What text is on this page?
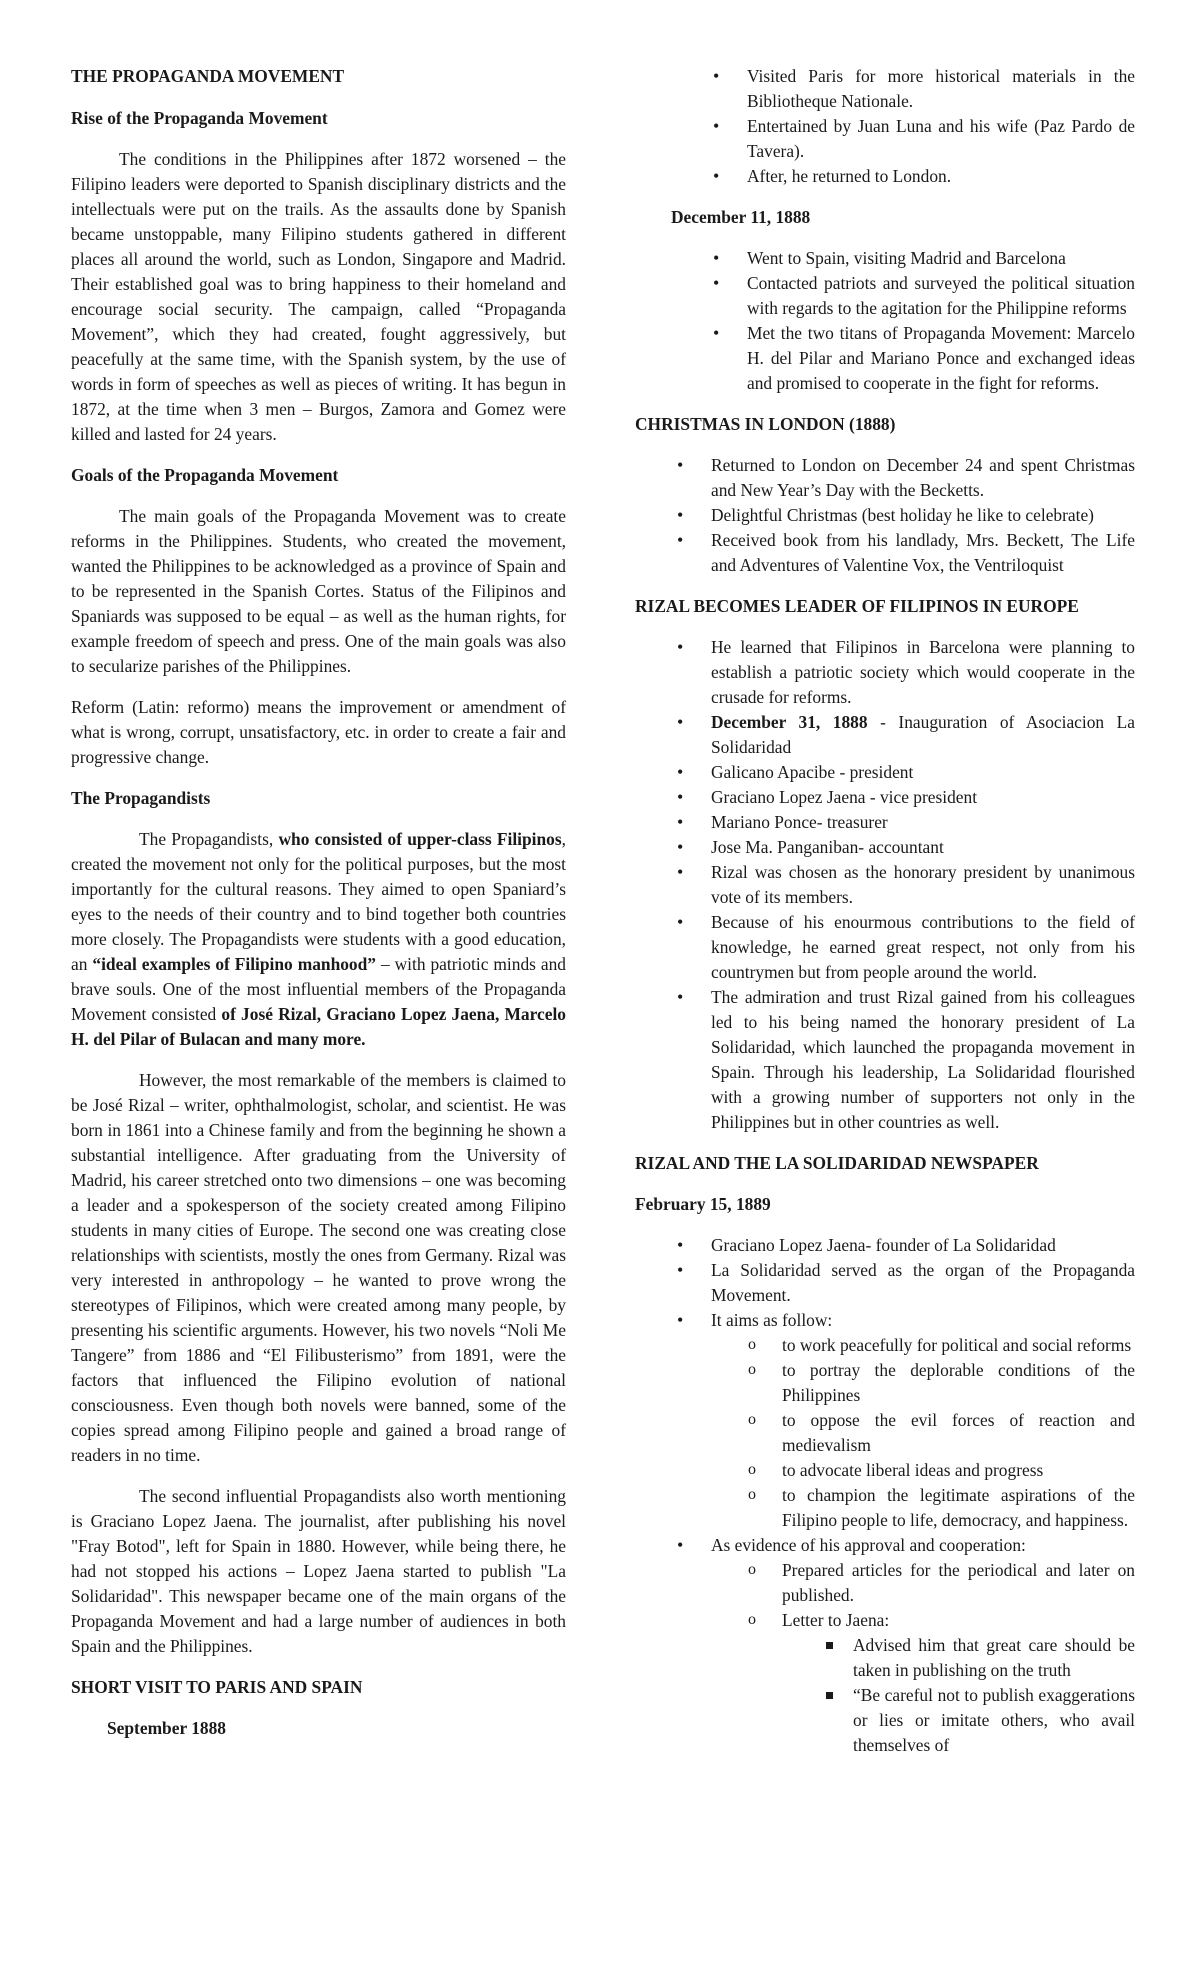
THE PROPAGANDA MOVEMENT

Rise of the Propaganda Movement

The conditions in the Philippines after 1872 worsened – the Filipino leaders were deported to Spanish disciplinary districts and the intellectuals were put on the trails. As the assaults done by Spanish became unstoppable, many Filipino students gathered in different places all around the world, such as London, Singapore and Madrid. Their established goal was to bring happiness to their homeland and encourage social security. The campaign, called “Propaganda Movement”, which they had created, fought aggressively, but peacefully at the same time, with the Spanish system, by the use of words in form of speeches as well as pieces of writing. It has begun in 1872, at the time when 3 men – Burgos, Zamora and Gomez were killed and lasted for 24 years.

Goals of the Propaganda Movement

The main goals of the Propaganda Movement was to create reforms in the Philippines. Students, who created the movement, wanted the Philippines to be acknowledged as a province of Spain and to be represented in the Spanish Cortes. Status of the Filipinos and Spaniards was supposed to be equal – as well as the human rights, for example freedom of speech and press. One of the main goals was also to secularize parishes of the Philippines.

Reform (Latin: reformo) means the improvement or amendment of what is wrong, corrupt, unsatisfactory, etc. in order to create a fair and progressive change.

The Propagandists

The Propagandists, who consisted of upper-class Filipinos, created the movement not only for the political purposes, but the most importantly for the cultural reasons. They aimed to open Spaniard’s eyes to the needs of their country and to bind together both countries more closely. The Propagandists were students with a good education, an “ideal examples of Filipino manhood” – with patriotic minds and brave souls. One of the most influential members of the Propaganda Movement consisted of José Rizal, Graciano Lopez Jaena, Marcelo H. del Pilar of Bulacan and many more.

However, the most remarkable of the members is claimed to be José Rizal – writer, ophthalmologist, scholar, and scientist. He was born in 1861 into a Chinese family and from the beginning he shown a substantial intelligence. After graduating from the University of Madrid, his career stretched onto two dimensions – one was becoming a leader and a spokesperson of the society created among Filipino students in many cities of Europe. The second one was creating close relationships with scientists, mostly the ones from Germany. Rizal was very interested in anthropology – he wanted to prove wrong the stereotypes of Filipinos, which were created among many people, by presenting his scientific arguments. However, his two novels “Noli Me Tangere” from 1886 and “El Filibusterismo” from 1891, were the factors that influenced the Filipino evolution of national consciousness. Even though both novels were banned, some of the copies spread among Filipino people and gained a broad range of readers in no time.

The second influential Propagandists also worth mentioning is Graciano Lopez Jaena. The journalist, after publishing his novel "Fray Botod", left for Spain in 1880. However, while being there, he had not stopped his actions – Lopez Jaena started to publish "La Solidaridad". This newspaper became one of the main organs of the Propaganda Movement and had a large number of audiences in both Spain and the Philippines.

SHORT VISIT TO PARIS AND SPAIN

September 1888

• Visited Paris for more historical materials in the Bibliotheque Nationale.
• Entertained by Juan Luna and his wife (Paz Pardo de Tavera).
• After, he returned to London.

December 11, 1888

• Went to Spain, visiting Madrid and Barcelona
• Contacted patriots and surveyed the political situation with regards to the agitation for the Philippine reforms
• Met the two titans of Propaganda Movement: Marcelo H. del Pilar and Mariano Ponce and exchanged ideas and promised to cooperate in the fight for reforms.

CHRISTMAS IN LONDON (1888)

• Returned to London on December 24 and spent Christmas and New Year’s Day with the Becketts.
• Delightful Christmas (best holiday he like to celebrate)
• Received book from his landlady, Mrs. Beckett, The Life and Adventures of Valentine Vox, the Ventriloquist

RIZAL BECOMES LEADER OF FILIPINOS IN EUROPE

• He learned that Filipinos in Barcelona were planning to establish a patriotic society which would cooperate in the crusade for reforms.
• December 31, 1888 - Inauguration of Asociacion La Solidaridad
• Galicano Apacibe - president
• Graciano Lopez Jaena - vice president
• Mariano Ponce- treasurer
• Jose Ma. Panganiban- accountant
• Rizal was chosen as the honorary president by unanimous vote of its members.
• Because of his enourmous contributions to the field of knowledge, he earned great respect, not only from his countrymen but from people around the world.
• The admiration and trust Rizal gained from his colleagues led to his being named the honorary president of La Solidaridad, which launched the propaganda movement in Spain. Through his leadership, La Solidaridad flourished with a growing number of supporters not only in the Philippines but in other countries as well.

RIZAL AND THE LA SOLIDARIDAD NEWSPAPER

February 15, 1889

• Graciano Lopez Jaena- founder of La Solidaridad
• La Solidaridad served as the organ of the Propaganda Movement.
• It aims as follow:
o to work peacefully for political and social reforms
o to portray the deplorable conditions of the Philippines
o to oppose the evil forces of reaction and medievalism
o to advocate liberal ideas and progress
o to champion the legitimate aspirations of the Filipino people to life, democracy, and happiness.
• As evidence of his approval and cooperation:
o Prepared articles for the periodical and later on published.
o Letter to Jaena:
Advised him that great care should be taken in publishing on the truth
“Be careful not to publish exaggerations or lies or imitate others, who avail themselves of
